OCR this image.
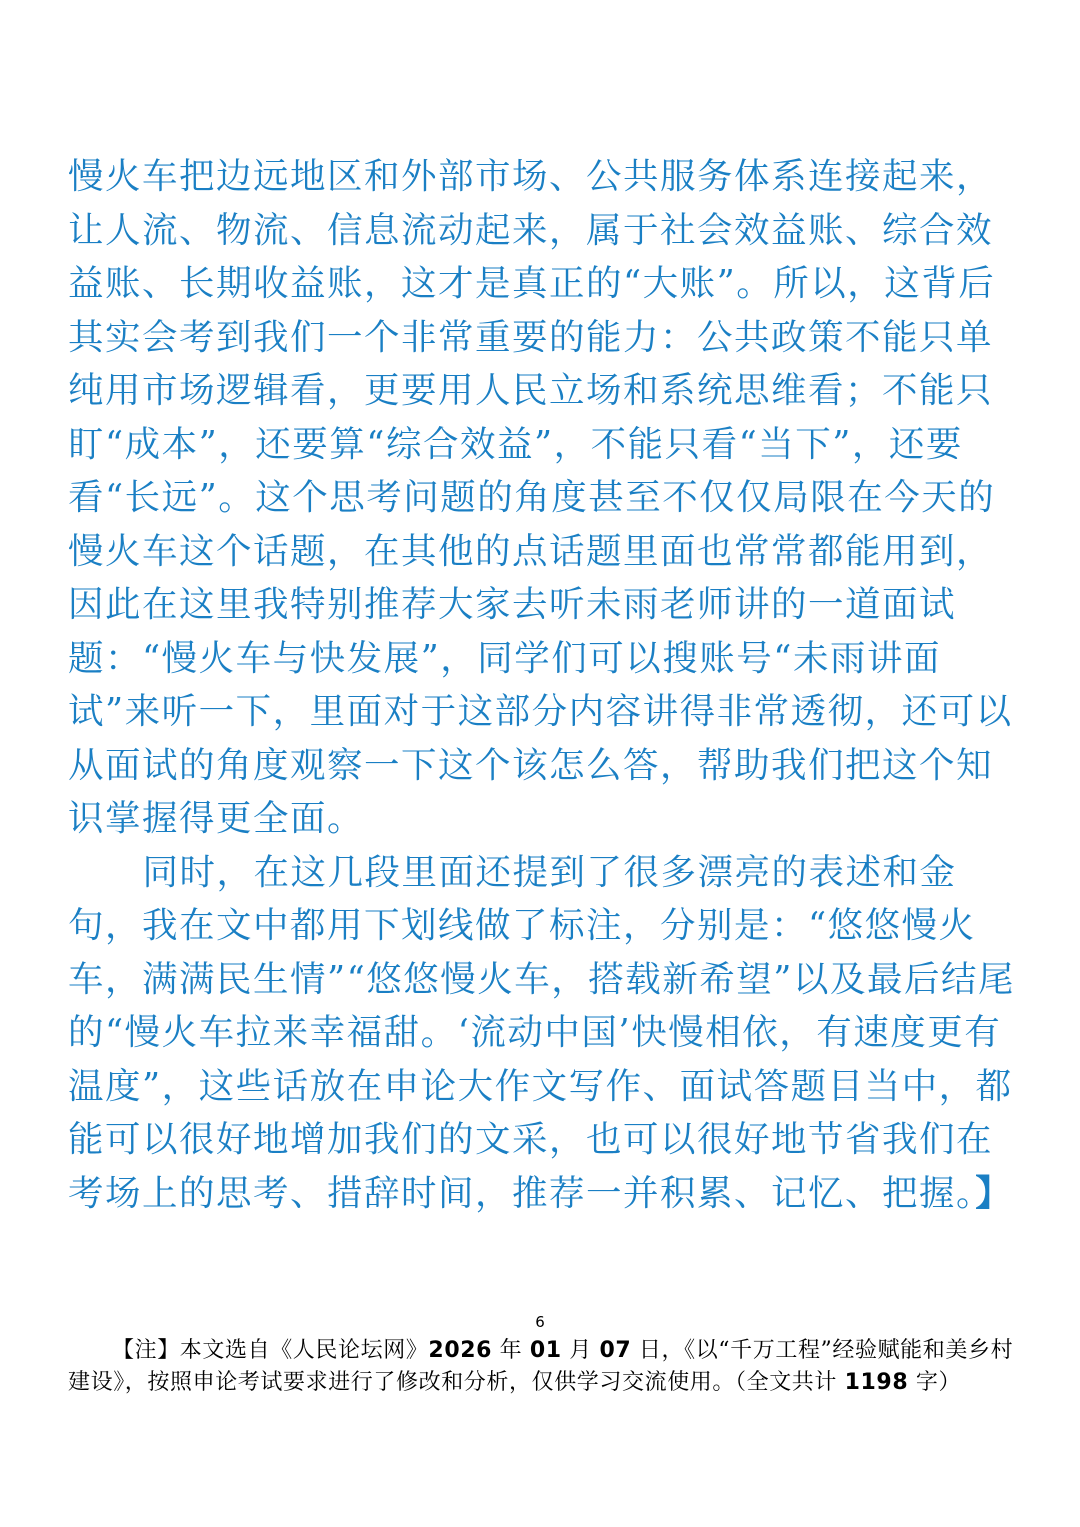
慢火车把边远地区和外部市场、公共服务体系连接起来，让人流、物流、信息流动起来，属于社会效益账、综合效益账、长期收益账，这才是真正的“大账”。所以，这背后其实会考到我们一个非常重要的能力：公共政策不能只单纯用市场逻辑看，更要用人民立场和系统思维看；不能只盯“成本”，还要算“综合效益”，不能只看“当下”，还要看“长远”。这个思考问题的角度甚至不仅仅局限在今天的慢火车这个话题，在其他的点话题里面也常常都能用到，因此在这里我特别推荐大家去听未雨老师讲的一道面试题：“慢火车与快发展”，同学们可以搜账号“未雨讲面试”来听一下，里面对于这部分内容讲得非常透彻，还可以从面试的角度观察一下这个该怎么答，帮助我们把这个知识掌握得更全面。

同时，在这几段里面还提到了很多漂亮的表述和金句，我在文中都用下划线做了标注，分别是：“悠悠慢火车，满满民生情”“悠悠慢火车，搭载新希望”以及最后结尾的“慢火车拉来幸福甜。‘流动中国’快慢相依，有速度更有温度”，这些话放在申论大作文写作、面试答题目当中，都能可以很好地增加我们的文采，也可以很好地节省我们在考场上的思考、措辞时间，推荐一并积累、记忆、把握。】

6
【注】本文选自《人民论坛网》2026 年 01 月 07 日，《以“千万工程”经验赋能和美乡村建设》，按照申论考试要求进行了修改和分析，仅供学习交流使用。（全文共计 1198 字）
